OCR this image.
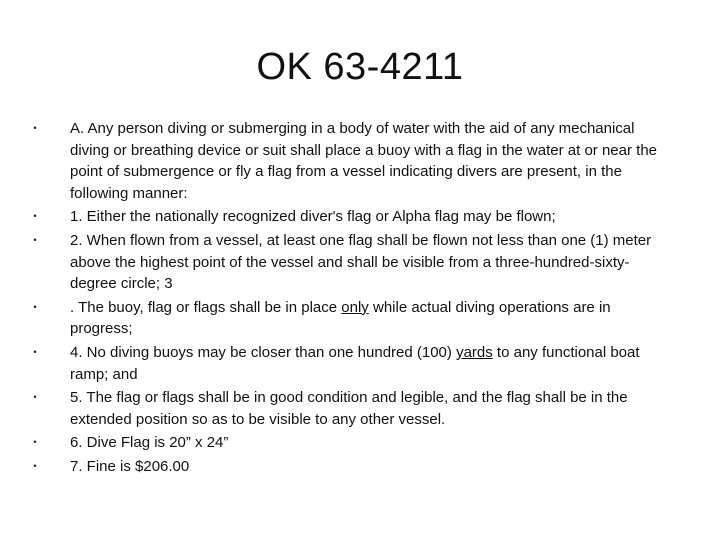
OK 63-4211
• A. Any person diving or submerging in a body of water with the aid of any mechanical diving or breathing device or suit shall place a buoy with a flag in the water at or near the point of submergence or fly a flag from a vessel indicating divers are present, in the following manner:
• 1. Either the nationally recognized diver's flag or Alpha flag may be flown;
• 2. When flown from a vessel, at least one flag shall be flown not less than one (1) meter above the highest point of the vessel and shall be visible from a three-hundred-sixty-degree circle; 3
• . The buoy, flag or flags shall be in place only while actual diving operations are in progress;
• 4. No diving buoys may be closer than one hundred (100) yards to any functional boat ramp; and
• 5. The flag or flags shall be in good condition and legible, and the flag shall be in the extended position so as to be visible to any other vessel.
• 6. Dive Flag is 20” x 24”
• 7. Fine is $206.00
